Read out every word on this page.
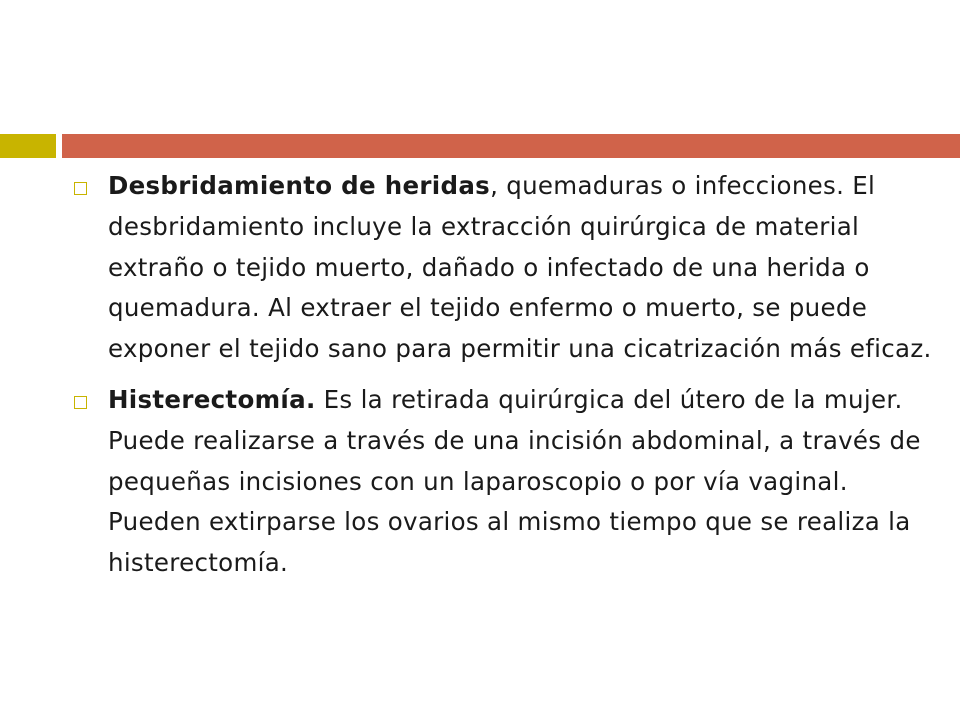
Desbridamiento de heridas, quemaduras o infecciones. El desbridamiento incluye la extracción quirúrgica de material extraño o tejido muerto, dañado o infectado de una herida o quemadura. Al extraer el tejido enfermo o muerto, se puede exponer el tejido sano para permitir una cicatrización más eficaz.
Histerectomía. Es la retirada quirúrgica del útero de la mujer. Puede realizarse a través de una incisión abdominal, a través de pequeñas incisiones con un laparoscopio o por vía vaginal. Pueden extirparse los ovarios al mismo tiempo que se realiza la histerectomía.
